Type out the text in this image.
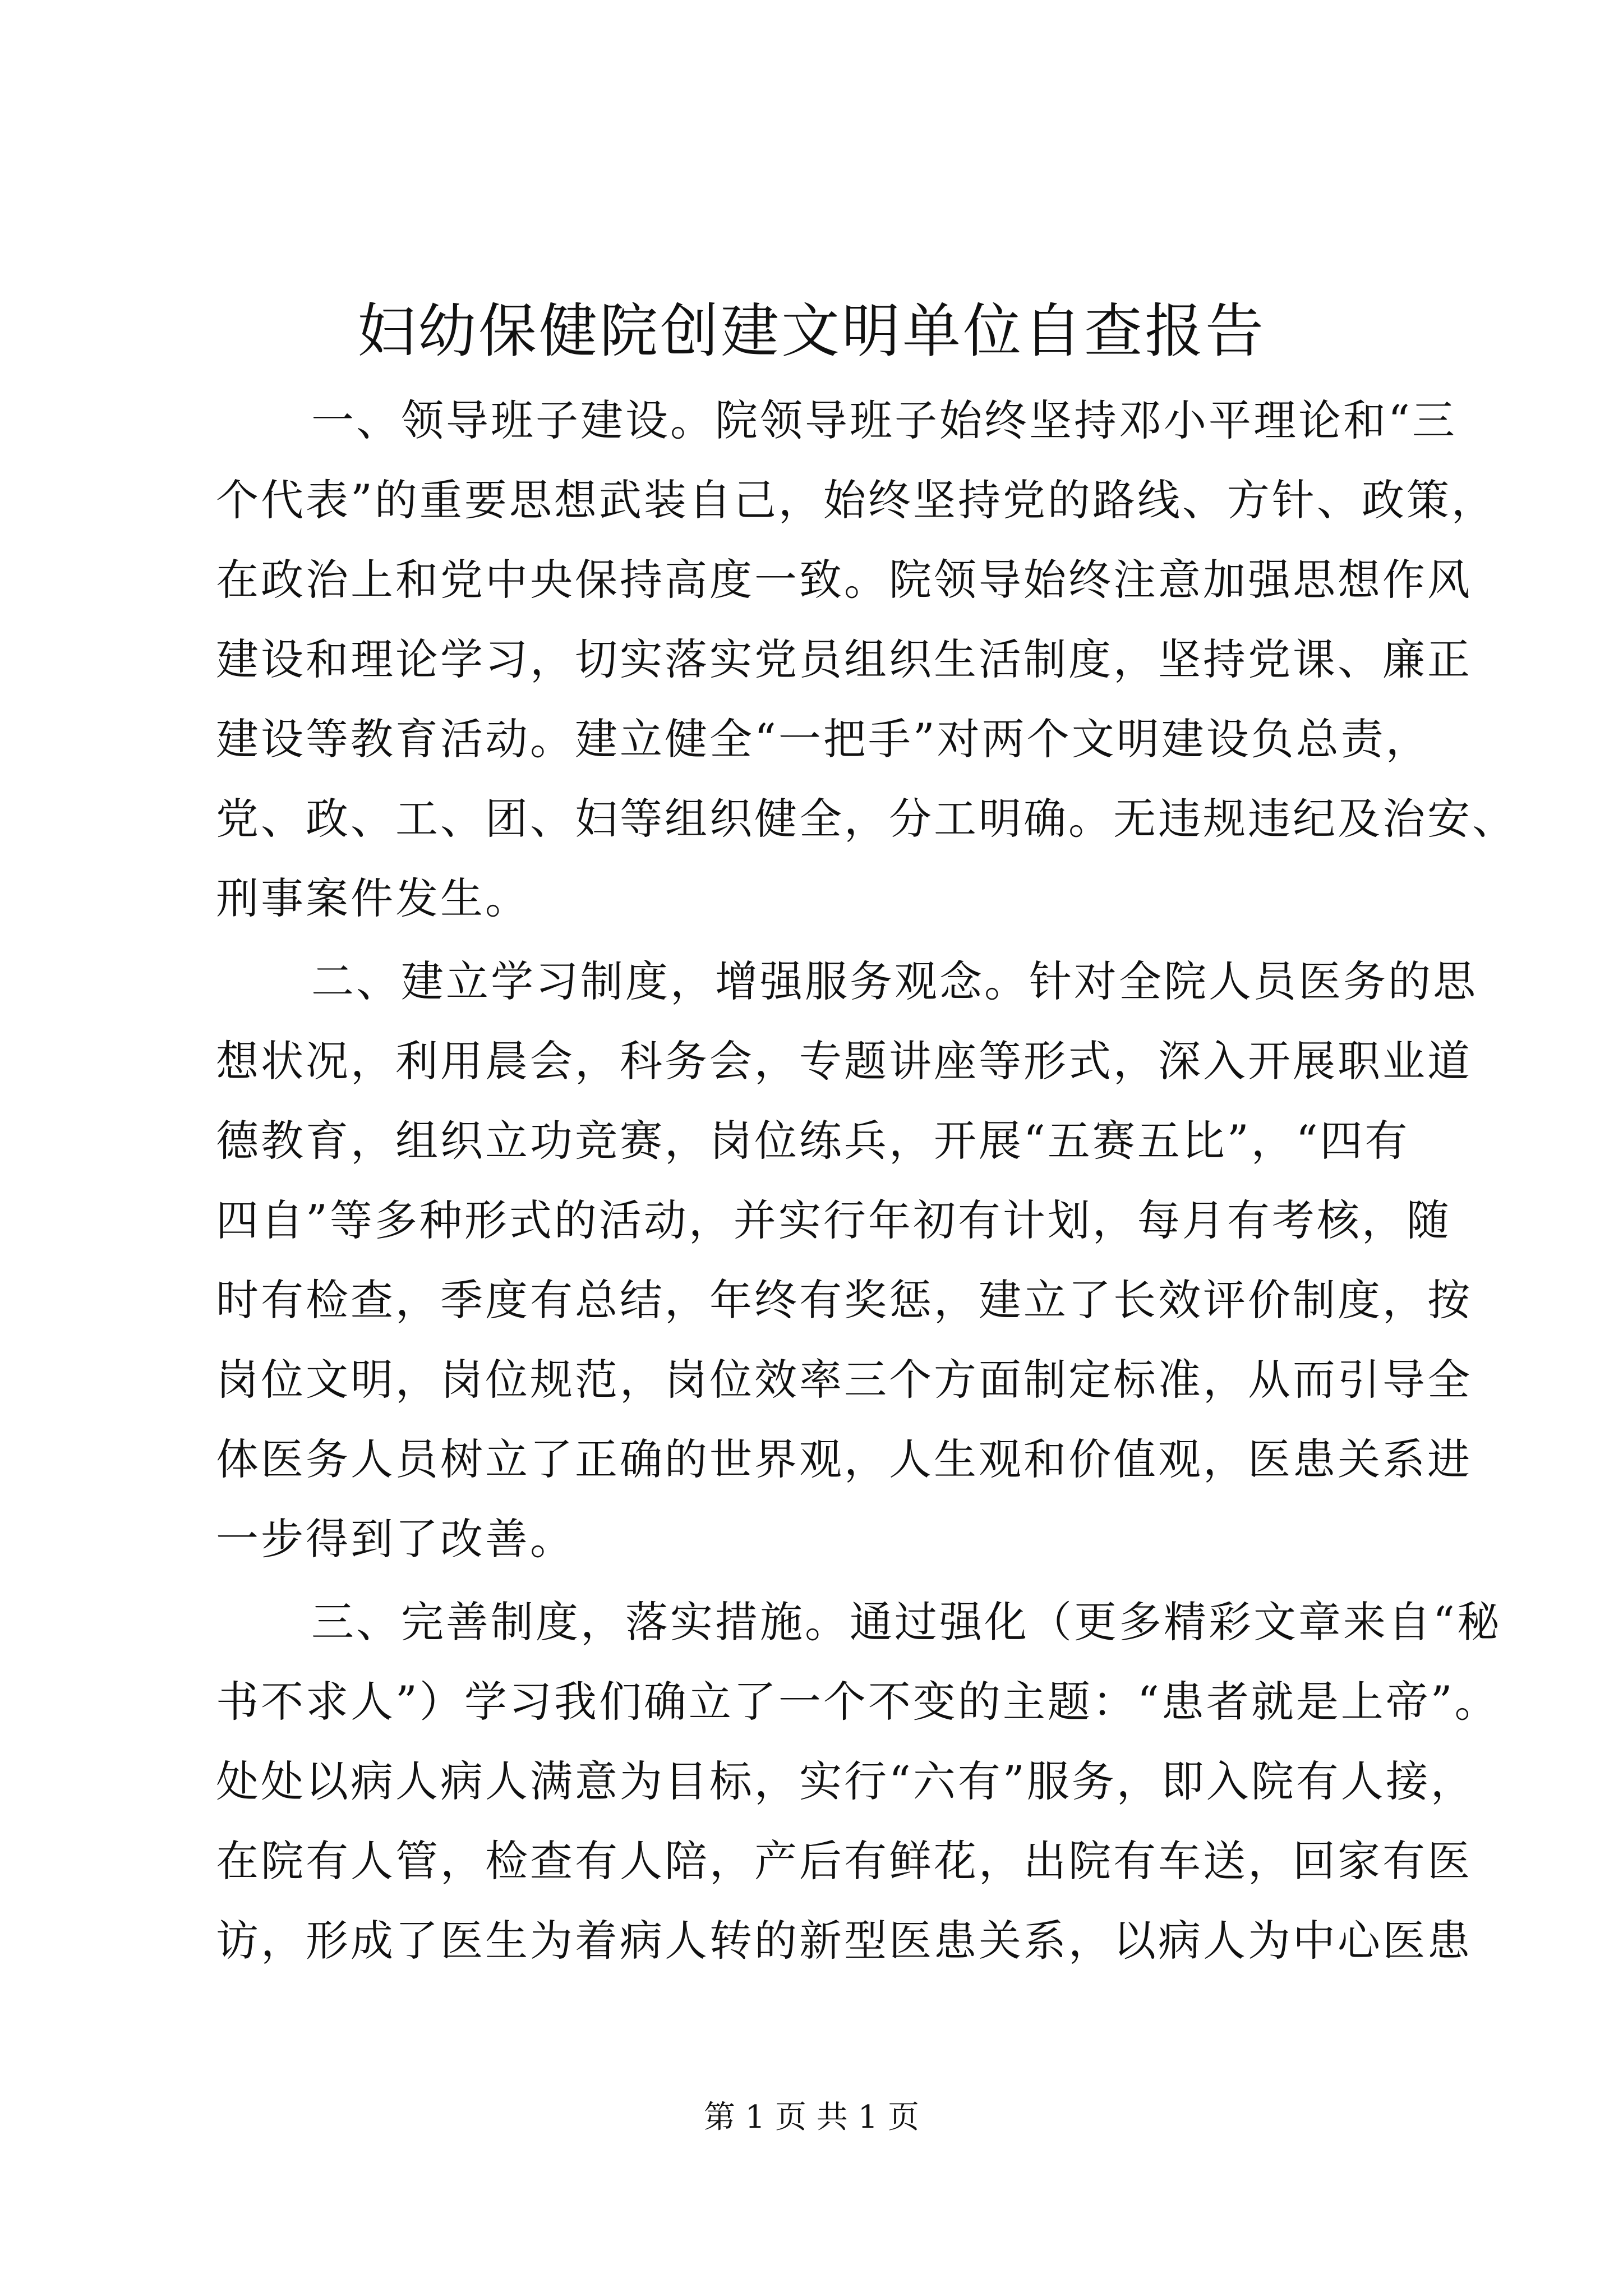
妇幼保健院创建文明单位自查报告
一、领导班子建设。院领导班子始终坚持邓小平理论和“三
个代表”的重要思想武装自己，始终坚持党的路线、方针、政策，
在政治上和党中央保持高度一致。院领导始终注意加强思想作风
建设和理论学习，切实落实党员组织生活制度，坚持党课、廉正
建设等教育活动。建立健全“一把手”对两个文明建设负总责，
党、政、工、团、妇等组织健全，分工明确。无违规违纪及治安、
刑事案件发生。
二、建立学习制度，增强服务观念。针对全院人员医务的思
想状况，利用晨会，科务会，专题讲座等形式，深入开展职业道
德教育，组织立功竞赛，岗位练兵，开展“五赛五比”，“四有
四自”等多种形式的活动，并实行年初有计划，每月有考核，随
时有检查，季度有总结，年终有奖惩，建立了长效评价制度，按
岗位文明，岗位规范，岗位效率三个方面制定标准，从而引导全
体医务人员树立了正确的世界观，人生观和价值观，医患关系进
一步得到了改善。
三、完善制度，落实措施。通过强化（更多精彩文章来自“秘
书不求人”）学习我们确立了一个不变的主题：“患者就是上帝”。
处处以病人病人满意为目标，实行“六有”服务，即入院有人接，
在院有人管，检查有人陪，产后有鲜花，出院有车送，回家有医
访，形成了医生为着病人转的新型医患关系，以病人为中心医患
第 1 页 共 1 页
